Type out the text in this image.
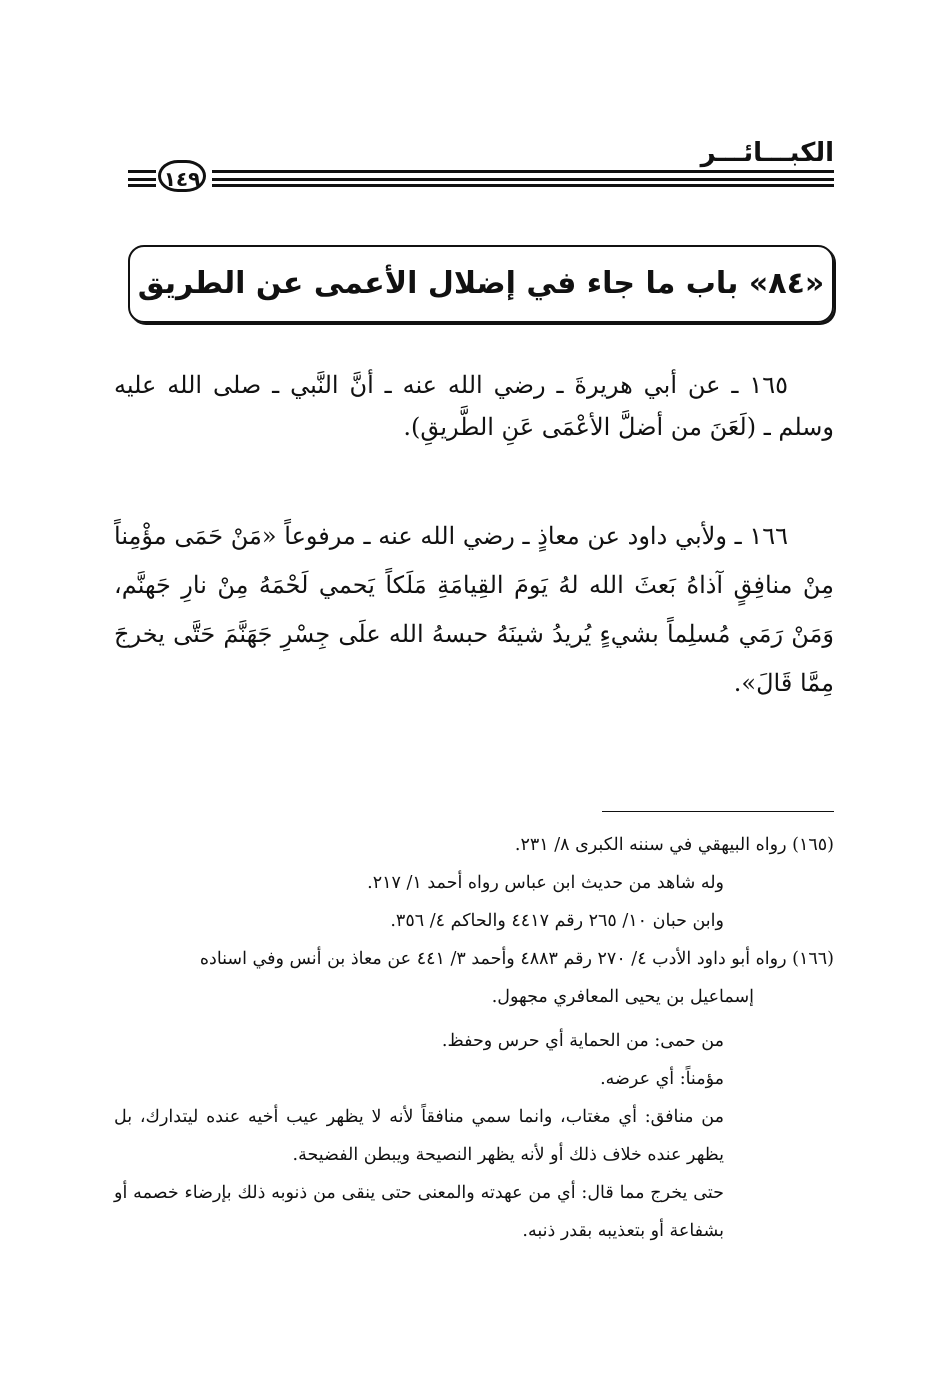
الكبـــائـــر
١٤٩
«٨٤» باب ما جاء في إضلال الأعمى عن الطريق

١٦٥ ـ عن أبي هريرةَ ـ رضي الله عنه ـ أنَّ النَّبي ـ صلى الله عليه وسلم ـ (لَعَنَ من أضلَّ الأعْمَى عَنِ الطَّريقِ).

١٦٦ ـ ولأبي داود عن معاذٍ ـ رضي الله عنه ـ مرفوعاً «مَنْ حَمَى مؤْمِناً مِنْ منافِقٍ آذاهُ بَعثَ الله لهُ يَومَ القِيامَةِ مَلَكاً يَحمي لَحْمَهُ مِنْ نارِ جَهنَّم، وَمَنْ رَمَي مُسلِماً بشيءٍ يُريدُ شينَهُ حبسهُ الله علَى جِسْرِ جَهَنَّمَ حَتَّى يخرجَ مِمَّا قَالَ».

(١٦٥) رواه البيهقي في سننه الكبرى ٨/ ٢٣١.
وله شاهد من حديث ابن عباس رواه أحمد ١/ ٢١٧.
وابن حبان ١٠/ ٢٦٥ رقم ٤٤١٧ والحاكم ٤/ ٣٥٦.
(١٦٦) رواه أبو داود الأدب ٤/ ٢٧٠ رقم ٤٨٨٣ وأحمد ٣/ ٤٤١ عن معاذ بن أنس وفي اسناده
إسماعيل بن يحيى المعافري مجهول.
من حمى: من الحماية أي حرس وحفظ.
مؤمناً: أي عرضه.
من منافق: أي مغتاب، وانما سمي منافقاً لأنه لا يظهر عيب أخيه عنده ليتدارك، بل يظهر عنده خلاف ذلك أو لأنه يظهر النصيحة ويبطن الفضيحة.
حتى يخرج مما قال: أي من عهدته والمعنى حتى ينقى من ذنوبه ذلك بإرضاء خصمه أو بشفاعة أو بتعذيبه بقدر ذنبه.
